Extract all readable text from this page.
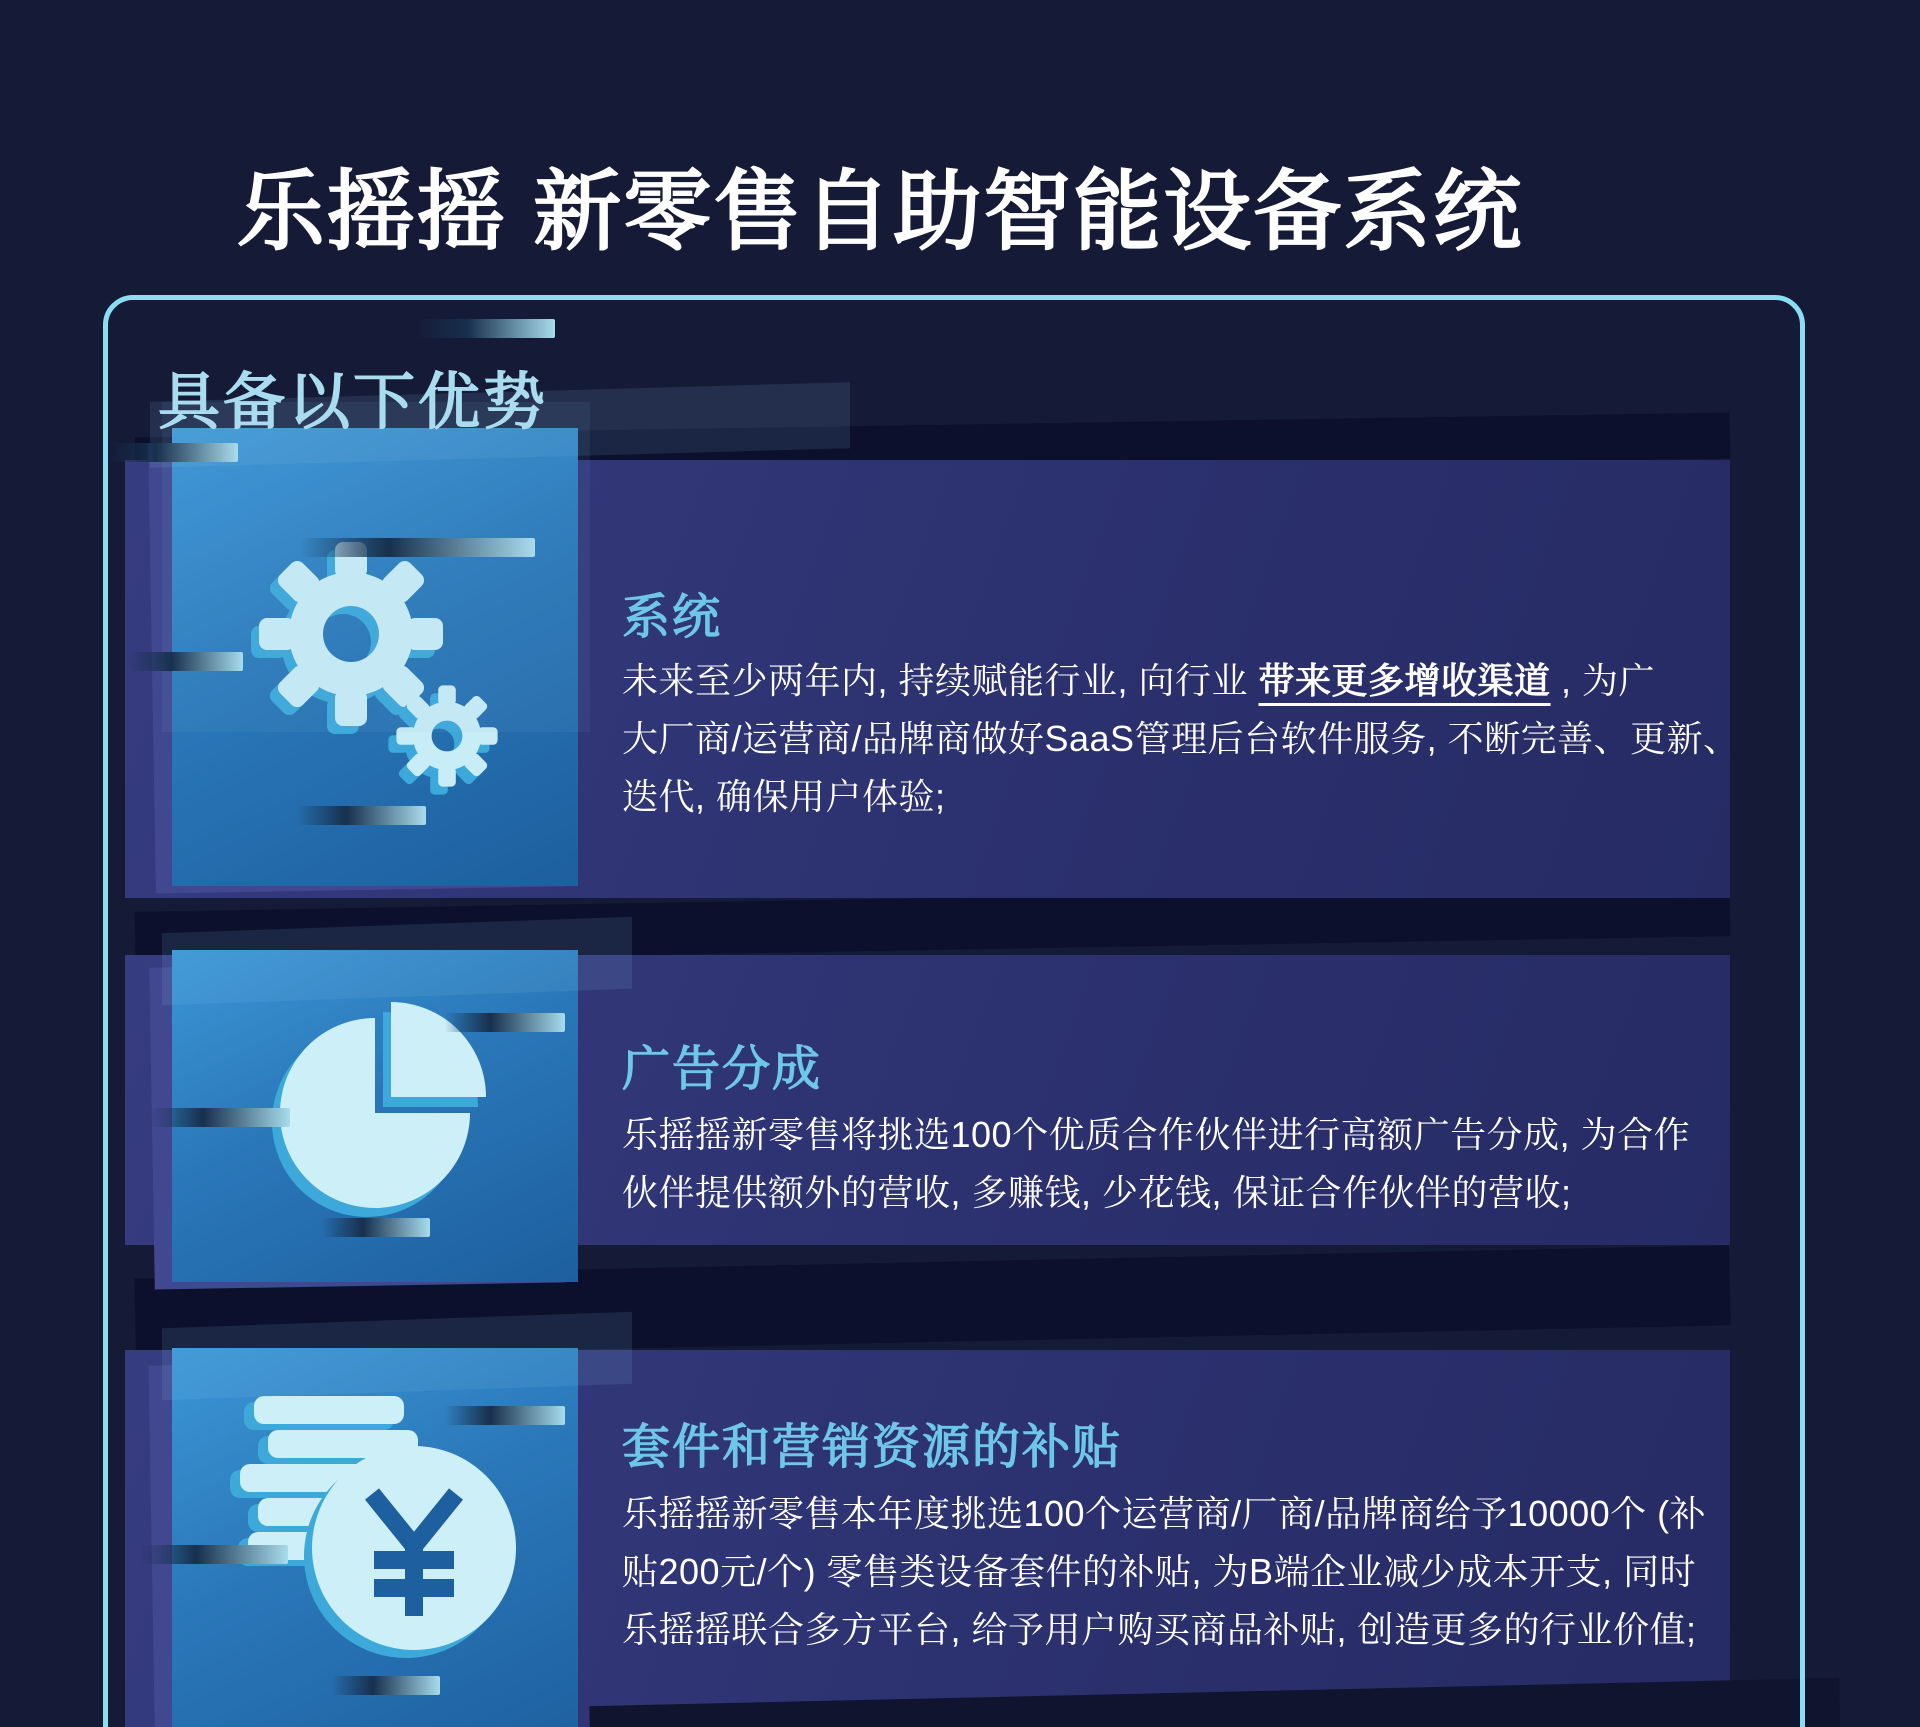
乐摇摇 新零售自助智能设备系统
具备以下优势
系统
未来至少两年内, 持续赋能行业, 向行业 带来更多增收渠道 , 为广
大厂商/运营商/品牌商做好SaaS管理后台软件服务, 不断完善、更新、
迭代, 确保用户体验;
广告分成
乐摇摇新零售将挑选100个优质合作伙伴进行高额广告分成, 为合作
伙伴提供额外的营收, 多赚钱, 少花钱, 保证合作伙伴的营收;
套件和营销资源的补贴
乐摇摇新零售本年度挑选100个运营商/厂商/品牌商给予10000个 (补
贴200元/个) 零售类设备套件的补贴, 为B端企业减少成本开支, 同时
乐摇摇联合多方平台, 给予用户购买商品补贴, 创造更多的行业价值;
